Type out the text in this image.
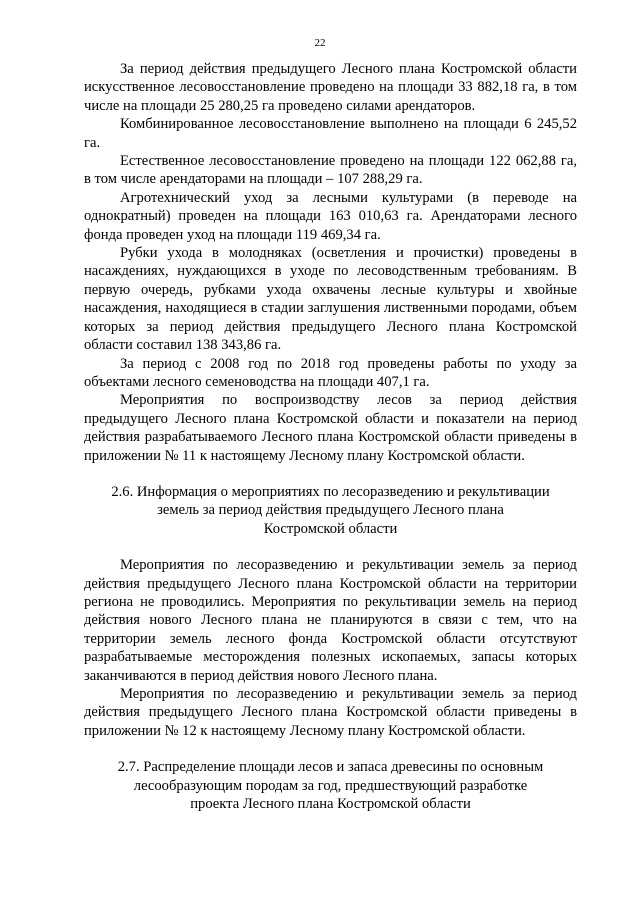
22

За период действия предыдущего Лесного плана Костромской области искусственное лесовосстановление проведено на площади 33 882,18 га, в том числе на площади 25 280,25 га проведено силами арендаторов.

Комбинированное лесовосстановление выполнено на площади 6 245,52 га.

Естественное лесовосстановление проведено на площади 122 062,88 га, в том числе арендаторами на площади – 107 288,29 га.

Агротехнический уход за лесными культурами (в переводе на однократный) проведен на площади 163 010,63 га. Арендаторами лесного фонда проведен уход на площади 119 469,34 га.

Рубки ухода в молодняках (осветления и прочистки) проведены в насаждениях, нуждающихся в уходе по лесоводственным требованиям. В первую очередь, рубками ухода охвачены лесные культуры и хвойные насаждения, находящиеся в стадии заглушения лиственными породами, объем которых за период действия предыдущего Лесного плана Костромской области составил 138 343,86 га.

За период с 2008 год по 2018 год проведены работы по уходу за объектами лесного семеноводства на площади 407,1 га.

Мероприятия по воспроизводству лесов за период действия предыдущего Лесного плана Костромской области и показатели на период действия разрабатываемого Лесного плана Костромской области приведены в приложении № 11 к настоящему Лесному плану Костромской области.

2.6. Информация о мероприятиях по лесоразведению и рекультивации
земель за период действия предыдущего Лесного плана
Костромской области

Мероприятия по лесоразведению и рекультивации земель за период действия предыдущего Лесного плана Костромской области на территории региона не проводились. Мероприятия по рекультивации земель на период действия нового Лесного плана не планируются в связи с тем, что на территории земель лесного фонда Костромской области отсутствуют разрабатываемые месторождения полезных ископаемых, запасы которых заканчиваются в период действия нового Лесного плана.

Мероприятия по лесоразведению и рекультивации земель за период действия предыдущего Лесного плана Костромской области приведены в приложении № 12 к настоящему Лесному плану Костромской области.

2.7. Распределение площади лесов и запаса древесины по основным
лесообразующим породам за год, предшествующий разработке
проекта Лесного плана Костромской области
